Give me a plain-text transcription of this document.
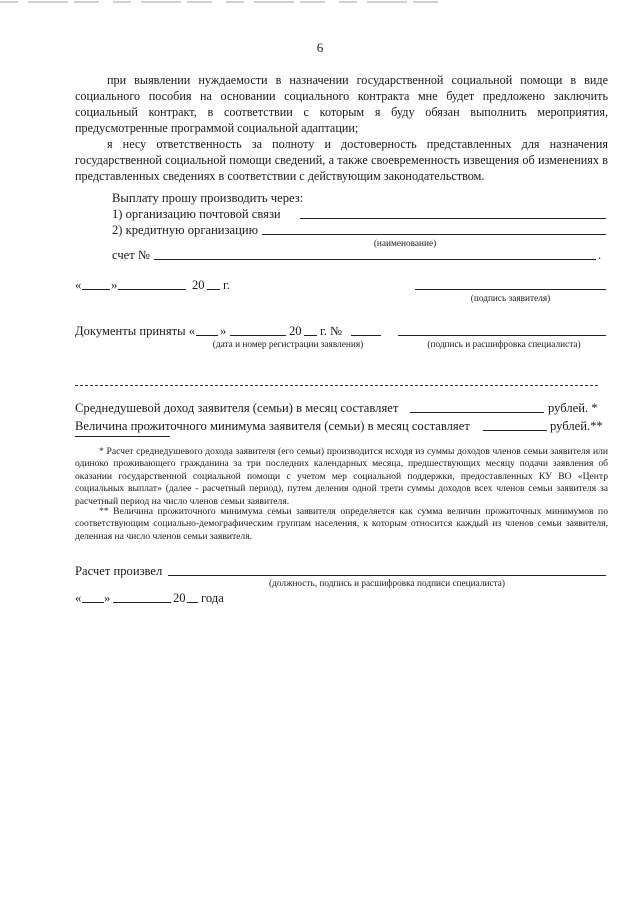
6
при выявлении нуждаемости в назначении государственной социальной помощи в виде социального пособия на основании социального контракта мне будет предложено заключить социальный контракт, в соответствии с которым я буду обязан выполнить мероприятия, предусмотренные программой социальной адаптации;
я несу ответственность за полноту и достоверность представленных для назначения государственной социальной помощи сведений, а также своевременность извещения об изменениях в представленных сведениях в соответствии с действующим законодательством.
Выплату прошу производить через:
1) организацию почтовой связи
2) кредитную организацию
(наименование)
счет №	.
« »	20 г.
(подпись заявителя)
Документы приняты « »	20 г. №
(дата и номер регистрации заявления)	(подпись и расшифровка специалиста)
Среднедушевой доход заявителя (семьи) в месяц составляет	рублей. *
Величина прожиточного минимума заявителя (семьи) в месяц составляет	рублей.**
* Расчет среднедушевого дохода заявителя (его семьи) производится исходя из суммы доходов членов семьи заявителя или одиноко проживающего гражданина за три последних календарных месяца, предшествующих месяцу подачи заявления об оказании государственной социальной помощи с учетом мер социальной поддержки, предоставленных КУ ВО «Центр социальных выплат» (далее - расчетный период), путем деления одной трети суммы доходов всех членов семьи заявителя за расчетный период на число членов семьи заявителя.
** Величина прожиточного минимума семьи заявителя определяется как сумма величин прожиточных минимумов по соответствующим социально-демографическим группам населения, к которым относится каждый из членов семьи заявителя, деленная на число членов семьи заявителя.
Расчет произвел
(должность, подпись и расшифровка подписи специалиста)
« »	20 года
